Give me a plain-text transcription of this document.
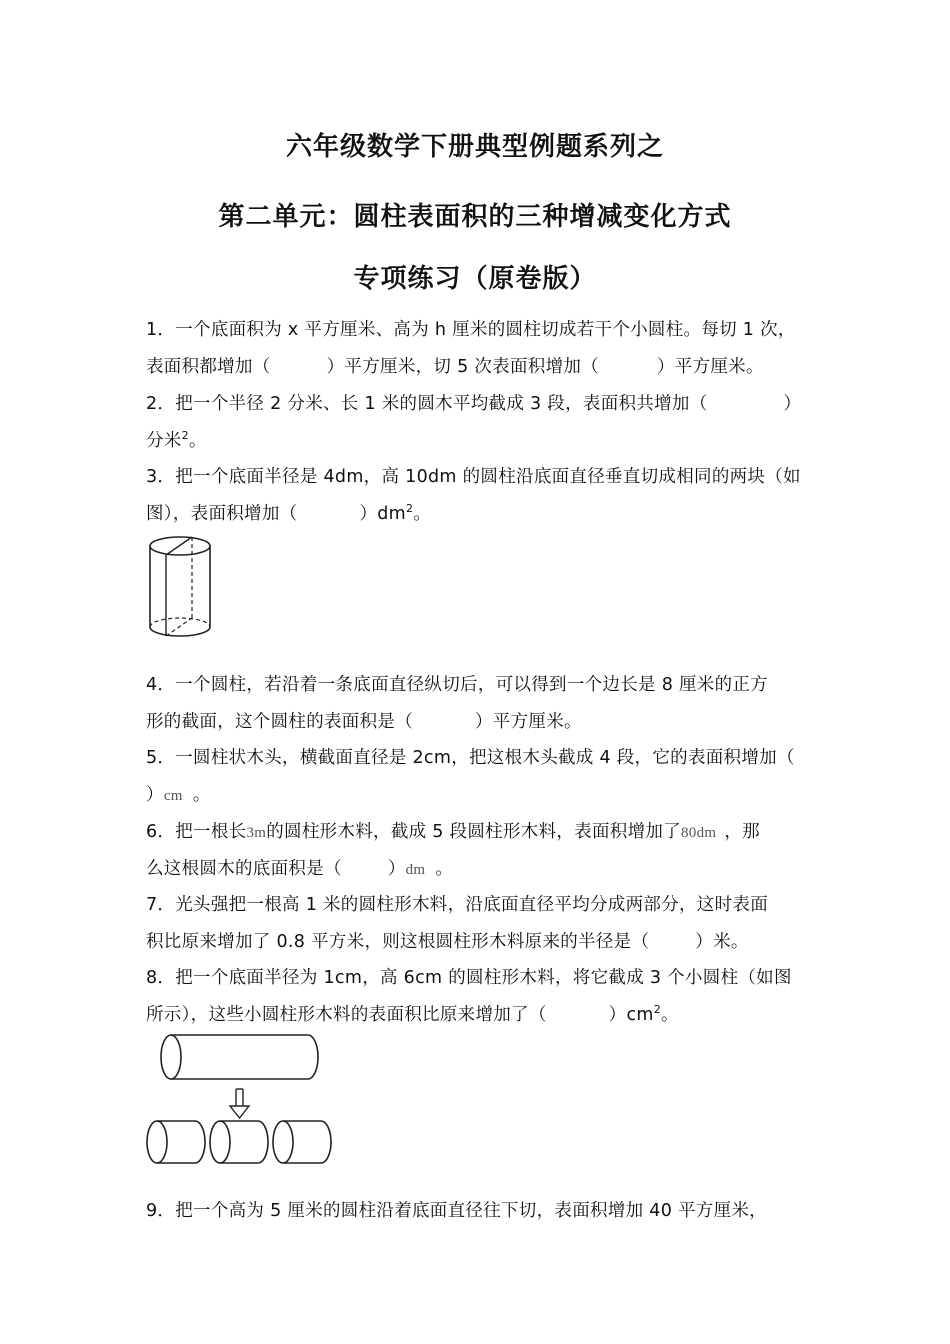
六年级数学下册典型例题系列之
第二单元：圆柱表面积的三种增减变化方式
专项练习（原卷版）
1．一个底面积为 x 平方厘米、高为 h 厘米的圆柱切成若干个小圆柱。每切 1 次，
表面积都增加（	）平方厘米，切 5 次表面积增加（	）平方厘米。
2．把一个半径 2 分米、长 1 米的圆木平均截成 3 段，表面积共增加（	）
分米$^2$。
3．把一个底面半径是 4dm，高 10dm 的圆柱沿底面直径垂直切成相同的两块（如
图），表面积增加（	）$dm^2$。
4．一个圆柱，若沿着一条底面直径纵切后，可以得到一个边长是 8 厘米的正方
形的截面，这个圆柱的表面积是（	）平方厘米。
5．一圆柱状木头，横截面直径是 2cm，把这根木头截成 4 段，它的表面积增加（
）cm 。
6．把一根长3m的圆柱形木料，截成 5 段圆柱形木料，表面积增加了80dm ，那
么这根圆木的底面积是（	）dm 。
7．光头强把一根高 1 米的圆柱形木料，沿底面直径平均分成两部分，这时表面
积比原来增加了 0.8 平方米，则这根圆柱形木料原来的半径是（	）米。
8．把一个底面半径为 1cm，高 6cm 的圆柱形木料，将它截成 3 个小圆柱（如图
所示），这些小圆柱形木料的表面积比原来增加了（	）$cm^2$。
9．把一个高为 5 厘米的圆柱沿着底面直径往下切，表面积增加 40 平方厘米，
